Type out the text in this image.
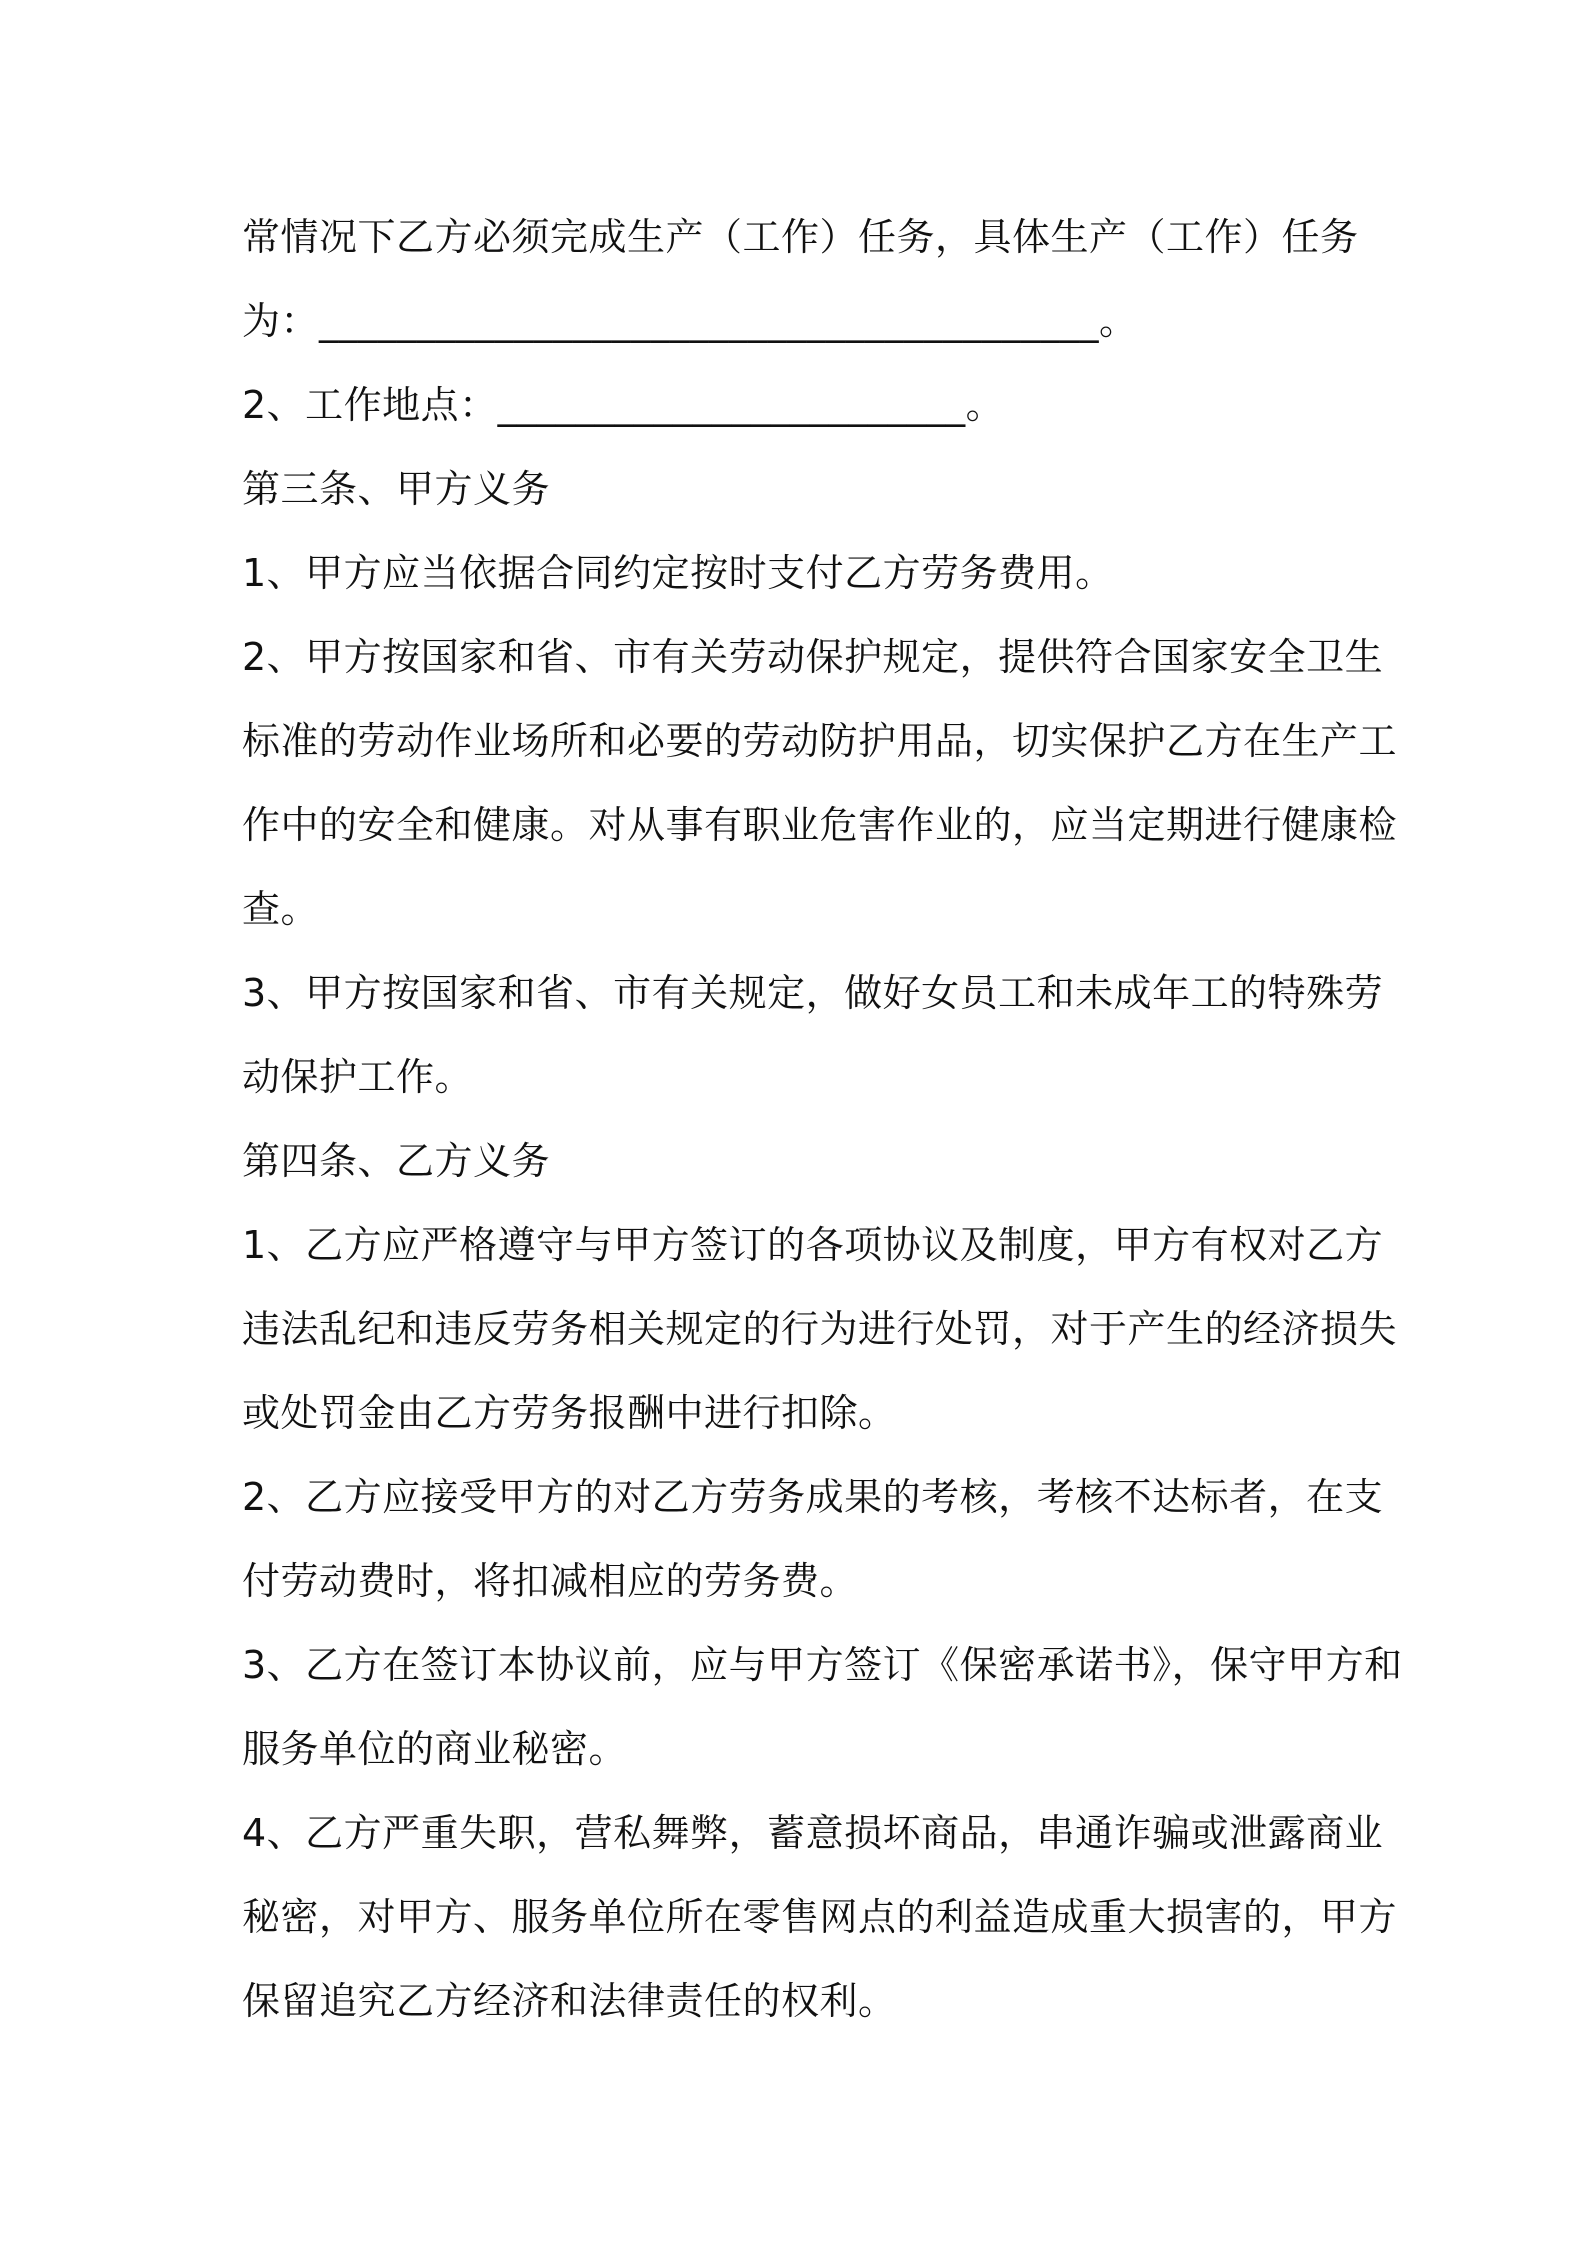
常情况下乙方必须完成生产（工作）任务，具体生产（工作）任务
为：________________________________________。
2、工作地点：________________________。
第三条、甲方义务
1、甲方应当依据合同约定按时支付乙方劳务费用。
2、甲方按国家和省、市有关劳动保护规定，提供符合国家安全卫生
标准的劳动作业场所和必要的劳动防护用品，切实保护乙方在生产工
作中的安全和健康。对从事有职业危害作业的，应当定期进行健康检
查。
3、甲方按国家和省、市有关规定，做好女员工和未成年工的特殊劳
动保护工作。
第四条、乙方义务
1、乙方应严格遵守与甲方签订的各项协议及制度，甲方有权对乙方
违法乱纪和违反劳务相关规定的行为进行处罚，对于产生的经济损失
或处罚金由乙方劳务报酬中进行扣除。
2、乙方应接受甲方的对乙方劳务成果的考核，考核不达标者，在支
付劳动费时，将扣减相应的劳务费。
3、乙方在签订本协议前，应与甲方签订《保密承诺书》，保守甲方和
服务单位的商业秘密。
4、乙方严重失职，营私舞弊，蓄意损坏商品，串通诈骗或泄露商业
秘密，对甲方、服务单位所在零售网点的利益造成重大损害的，甲方
保留追究乙方经济和法律责任的权利。
